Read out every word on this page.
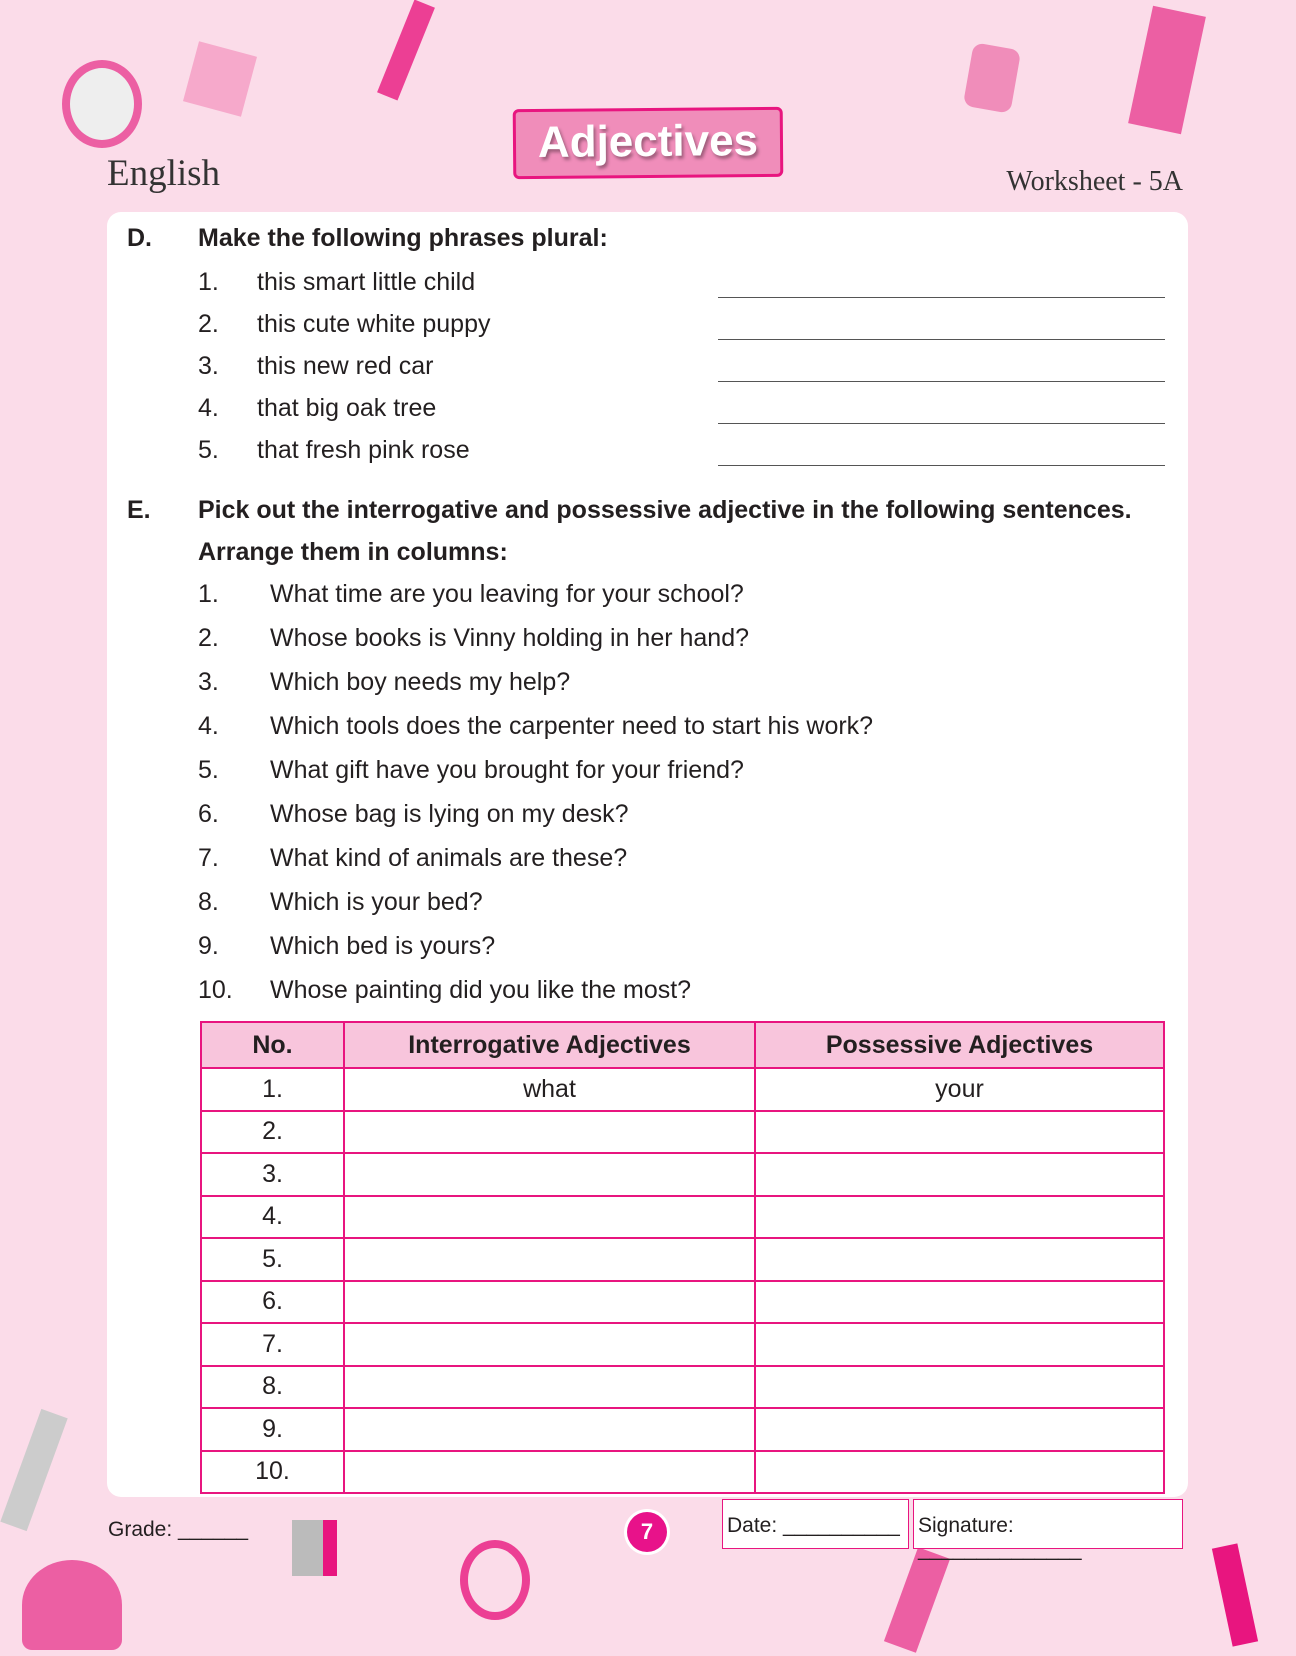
English
Adjectives
Worksheet - 5A
D. Make the following phrases plural:
1. this smart little child
2. this cute white puppy
3. this new red car
4. that big oak tree
5. that fresh pink rose
E. Pick out the interrogative and possessive adjective in the following sentences.
Arrange them in columns:
1. What time are you leaving for your school?
2. Whose books is Vinny holding in her hand?
3. Which boy needs my help?
4. Which tools does the carpenter need to start his work?
5. What gift have you brought for your friend?
6. Whose bag is lying on my desk?
7. What kind of animals are these?
8. Which is your bed?
9. Which bed is yours?
10. Whose painting did you like the most?
No.	Interrogative Adjectives	Possessive Adjectives
1.	what	your
2.		
3.		
4.		
5.		
6.		
7.		
8.		
9.		
10.		
Grade: ______	7	Date: __________ Signature: ______________
